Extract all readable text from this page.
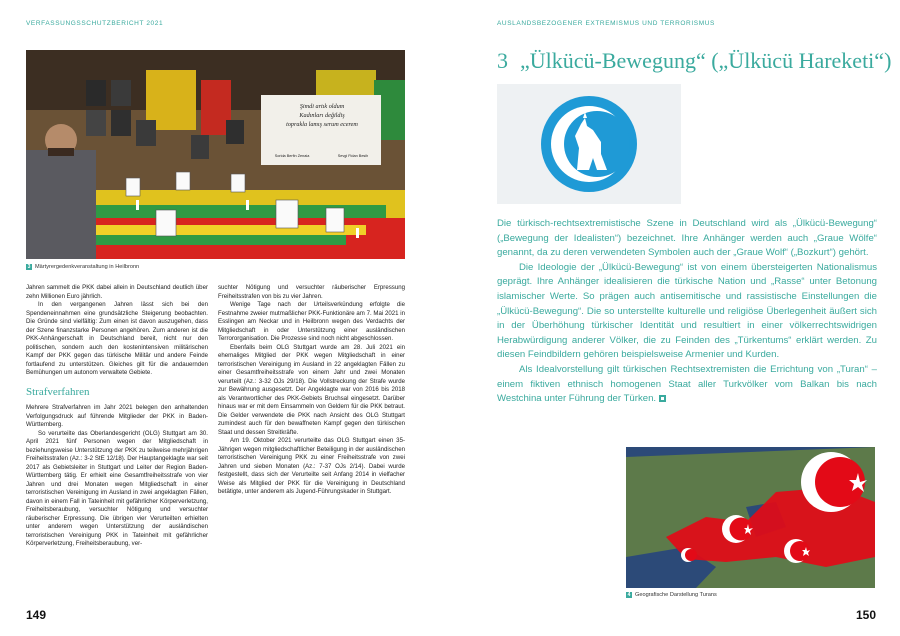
VERFASSUNGSSCHUTZBERICHT 2021
Şimdi artık oldum
Kadınları değildiş
toprakla lamış serum ecerem
Sorida Berfin Zenaia	Sevgi Fidan Besih
3 Märtyrergedenkveranstaltung in Heilbronn

Jahren sammelt die PKK dabei allein in Deutschland deutlich über zehn Millionen Euro jährlich.

In den vergangenen Jahren lässt sich bei den Spendeneinnahmen eine grundsätzliche Steigerung beobachten. Die Gründe sind vielfältig: Zum einen ist davon auszugehen, dass der Szene finanzstarke Personen angehören. Zum anderen ist die PKK-Anhängerschaft in Deutschland bereit, nicht nur den politischen, sondern auch den kostenintensiven militärischen Kampf der PKK gegen das türkische Militär und andere Feinde fortlaufend zu unterstützen. Gleiches gilt für die andauernden Bemühungen um autonom verwaltete Gebiete.

Strafverfahren

Mehrere Strafverfahren im Jahr 2021 belegen den anhaltenden Verfolgungsdruck auf führende Mitglieder der PKK in Baden-Württemberg.

So verurteilte das Oberlandesgericht (OLG) Stuttgart am 30. April 2021 fünf Personen wegen der Mitgliedschaft in beziehungsweise Unterstützung der PKK zu teilweise mehrjährigen Freiheitsstrafen (Az.: 3-2 StE 12/18). Der Hauptangeklagte war seit 2017 als Gebietsleiter in Stuttgart und Leiter der Region Baden-Württemberg tätig. Er erhielt eine Gesamtfreiheitsstrafe von vier Jahren und drei Monaten wegen Mitgliedschaft in einer terroristischen Vereinigung im Ausland in zwei angeklagten Fällen, davon in einem Fall in Tateinheit mit gefährlicher Körperverletzung, Freiheitsberaubung, versuchter Nötigung und versuchter räuberischer Erpressung. Die übrigen vier Verurteilten erhielten unter anderem wegen Unterstützung der ausländischen terroristischen Vereinigung PKK in Tateinheit mit gefährlicher Körperverletzung, Freiheitsberaubung, ver-

suchter Nötigung und versuchter räuberischer Erpressung Freiheitsstrafen von bis zu vier Jahren.

Wenige Tage nach der Urteilsverkündung erfolgte die Festnahme zweier mutmaßlicher PKK-Funktionäre am 7. Mai 2021 in Esslingen am Neckar und in Heilbronn wegen des Verdachts der Mitgliedschaft in oder Unterstützung einer ausländischen Terrororganisation. Die Prozesse sind noch nicht abgeschlossen.

Ebenfalls beim OLG Stuttgart wurde am 28. Juli 2021 ein ehemaliges Mitglied der PKK wegen Mitgliedschaft in einer terroristischen Vereinigung im Ausland in 22 angeklagten Fällen zu einer Gesamtfreiheitsstrafe von einem Jahr und zwei Monaten verurteilt (Az.: 3-32 OJs 29/18). Die Vollstreckung der Strafe wurde zur Bewährung ausgesetzt. Der Angeklagte war von 2016 bis 2018 als Verantwortlicher des PKK-Gebiets Bruchsal eingesetzt. Darüber hinaus war er mit dem Einsammeln von Geldern für die PKK betraut. Die Gelder verwendete die PKK nach Ansicht des OLG Stuttgart zumindest auch für den bewaffneten Kampf gegen den türkischen Staat und dessen Streitkräfte.

Am 19. Oktober 2021 verurteilte das OLG Stuttgart einen 35-Jährigen wegen mitgliedschaftlicher Beteiligung in der ausländischen terroristischen Vereinigung PKK zu einer Freiheitsstrafe von zwei Jahren und sieben Monaten (Az.: 7-37 OJs 2/14). Dabei wurde festgestellt, dass sich der Verurteilte seit Anfang 2014 in vielfacher Weise als Mitglied der PKK für die Vereinigung in Deutschland betätigte, unter anderem als Jugend-Führungskader in Stuttgart.

149
AUSLANDSBEZOGENER EXTREMISMUS UND TERRORISMUS
3 „Ülkücü-Bewegung“ („Ülkücü Hareketi“)

Die türkisch-rechtsextremistische Szene in Deutschland wird als „Ülkücü-Bewegung“ („Bewegung der Idealisten“) bezeichnet. Ihre Anhänger werden auch „Graue Wölfe“ genannt, da zu deren verwendeten Symbolen auch der „Graue Wolf“ („Bozkurt“) gehört.

Die Ideologie der „Ülkücü-Bewegung“ ist von einem übersteigerten Nationalismus geprägt. Ihre Anhänger idealisieren die türkische Nation und „Rasse“ unter Betonung islamischer Werte. So prägen auch antisemitische und rassistische Einstellungen die „Ülkücü-Bewegung“. Die so unterstellte kulturelle und religiöse Überlegenheit äußert sich in der Überhöhung türkischer Identität und resultiert in einer völkerrechtswidrigen Herabwürdigung anderer Völker, die zu Feinden des „Türkentums“ erklärt werden. Zu diesen Feindbildern gehören beispielsweise Armenier und Kurden.

Als Idealvorstellung gilt türkischen Rechtsextremisten die Errichtung von „Turan“ – einem fiktiven ethnisch homogenen Staat aller Turkvölker vom Balkan bis nach Westchina unter Führung der Türken.

4 Geografische Darstellung Turans
150
